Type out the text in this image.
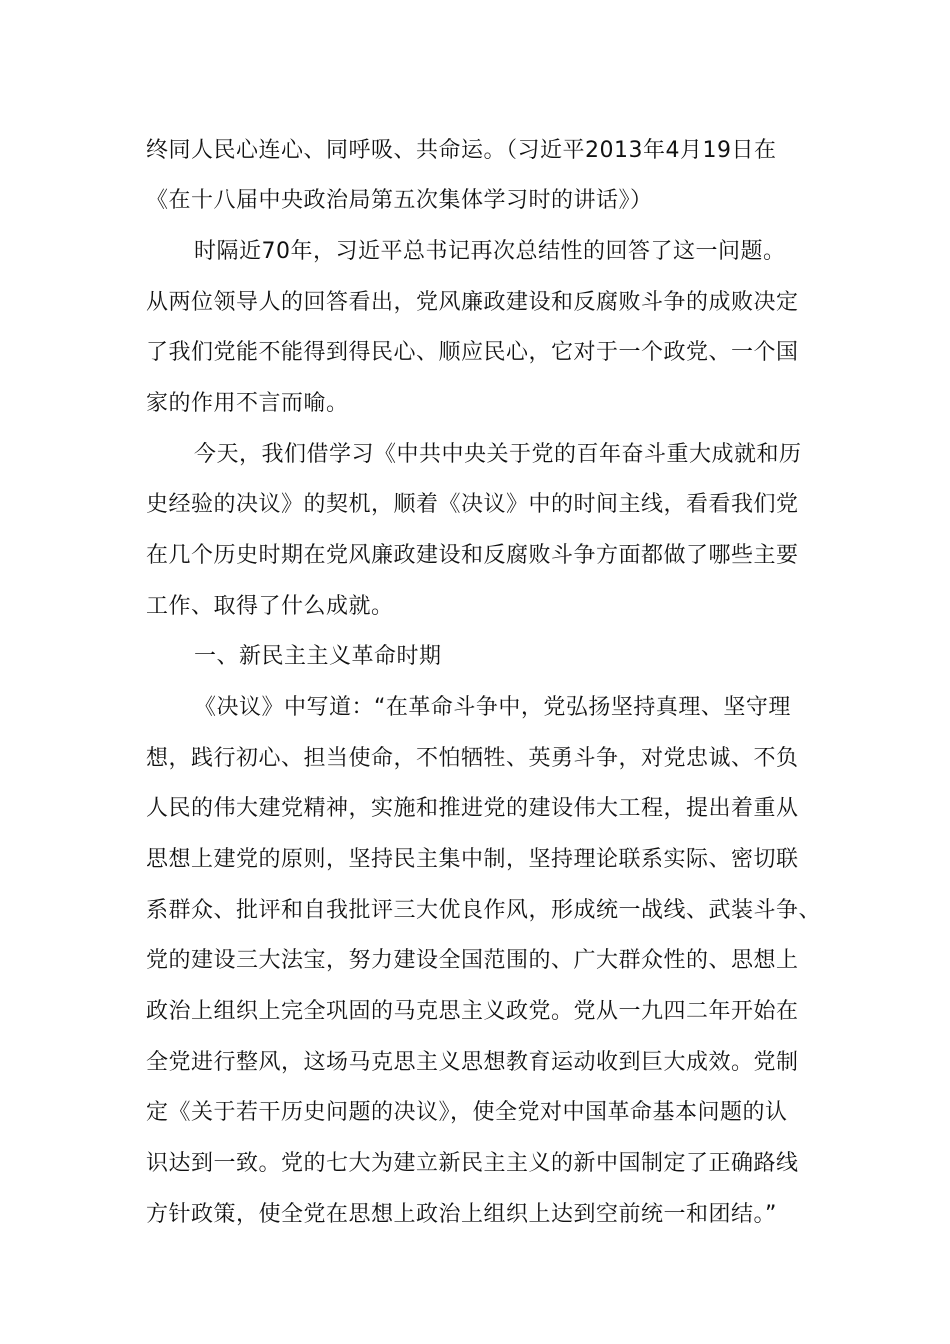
终同人民心连心、同呼吸、共命运。（习近平2013年4月19日在
《在十八届中央政治局第五次集体学习时的讲话》）
时隔近70年，习近平总书记再次总结性的回答了这一问题。
从两位领导人的回答看出，党风廉政建设和反腐败斗争的成败决定
了我们党能不能得到得民心、顺应民心，它对于一个政党、一个国
家的作用不言而喻。
今天，我们借学习《中共中央关于党的百年奋斗重大成就和历
史经验的决议》的契机，顺着《决议》中的时间主线，看看我们党
在几个历史时期在党风廉政建设和反腐败斗争方面都做了哪些主要
工作、取得了什么成就。
一、新民主主义革命时期
《决议》中写道：“在革命斗争中，党弘扬坚持真理、坚守理
想，践行初心、担当使命，不怕牺牲、英勇斗争，对党忠诚、不负
人民的伟大建党精神，实施和推进党的建设伟大工程，提出着重从
思想上建党的原则，坚持民主集中制，坚持理论联系实际、密切联
系群众、批评和自我批评三大优良作风，形成统一战线、武装斗争、
党的建设三大法宝，努力建设全国范围的、广大群众性的、思想上
政治上组织上完全巩固的马克思主义政党。党从一九四二年开始在
全党进行整风，这场马克思主义思想教育运动收到巨大成效。党制
定《关于若干历史问题的决议》，使全党对中国革命基本问题的认
识达到一致。党的七大为建立新民主主义的新中国制定了正确路线
方针政策，使全党在思想上政治上组织上达到空前统一和团结。”
